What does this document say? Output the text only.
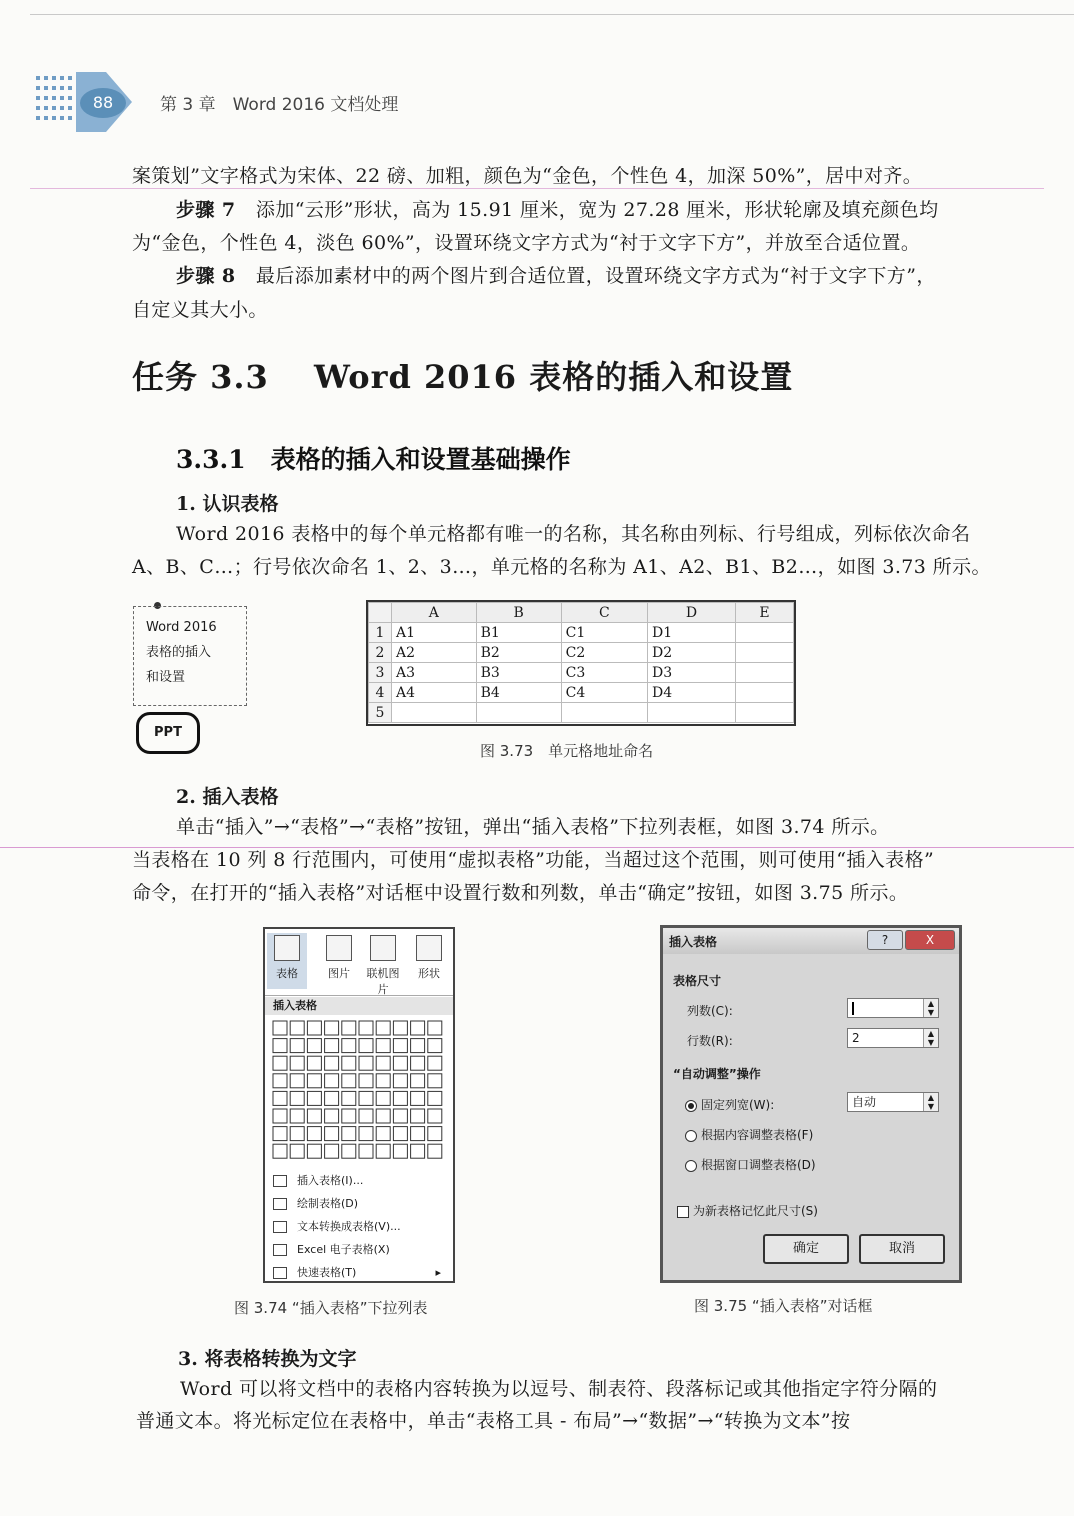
88	第 3 章　Word 2016 文档处理
案策划”文字格式为宋体、22 磅、加粗，颜色为“金色，个性色 4，加深 50%”，居中对齐。
步骤 7 添加“云形”形状，高为 15.91 厘米，宽为 27.28 厘米，形状轮廓及填充颜色均
为“金色，个性色 4，淡色 60%”，设置环绕文字方式为“衬于文字下方”，并放至合适位置。
步骤 8 最后添加素材中的两个图片到合适位置，设置环绕文字方式为“衬于文字下方”，
自定义其大小。
任务 3.3　 Word 2016 表格的插入和设置
3.3.1　表格的插入和设置基础操作
1. 认识表格
Word 2016 表格中的每个单元格都有唯一的名称，其名称由列标、行号组成，列标依次命名
A、B、C…；行号依次命名 1、2、3…，单元格的名称为 A1、A2、B1、B2…，如图 3.73 所示。
Word 2016
表格的插入
和设置
PPT
	A	B	C	D	E
1	A1	B1	C1	D1	
2	A2	B2	C2	D2	
3	A3	B3	C3	D3	
4	A4	B4	C4	D4	
5					
图 3.73　单元格地址命名
2. 插入表格
单击“插入”→“表格”→“表格”按钮，弹出“插入表格”下拉列表框，如图 3.74 所示。
当表格在 10 列 8 行范围内，可使用“虚拟表格”功能，当超过这个范围，则可使用“插入表格”
命令，在打开的“插入表格”对话框中设置行数和列数，单击“确定”按钮，如图 3.75 所示。
表格	图片	联机图片
形状
插入表格
插入表格(I)...
绘制表格(D)
文本转换成表格(V)...
Excel 电子表格(X)
快速表格(T)	▸
图 3.74 “插入表格”下拉列表
插入表格	?	X
表格尺寸
列数(C):
▲
▼
行数(R):	2	▲
▼
“自动调整”操作
固定列宽(W):	自动	▲
▼
根据内容调整表格(F)
根据窗口调整表格(D)
为新表格记忆此尺寸(S)
确定	取消
图 3.75 “插入表格”对话框
3. 将表格转换为文字
Word 可以将文档中的表格内容转换为以逗号、制表符、段落标记或其他指定字符分隔的
普通文本。将光标定位在表格中，单击“表格工具 - 布局”→“数据”→“转换为文本”按
